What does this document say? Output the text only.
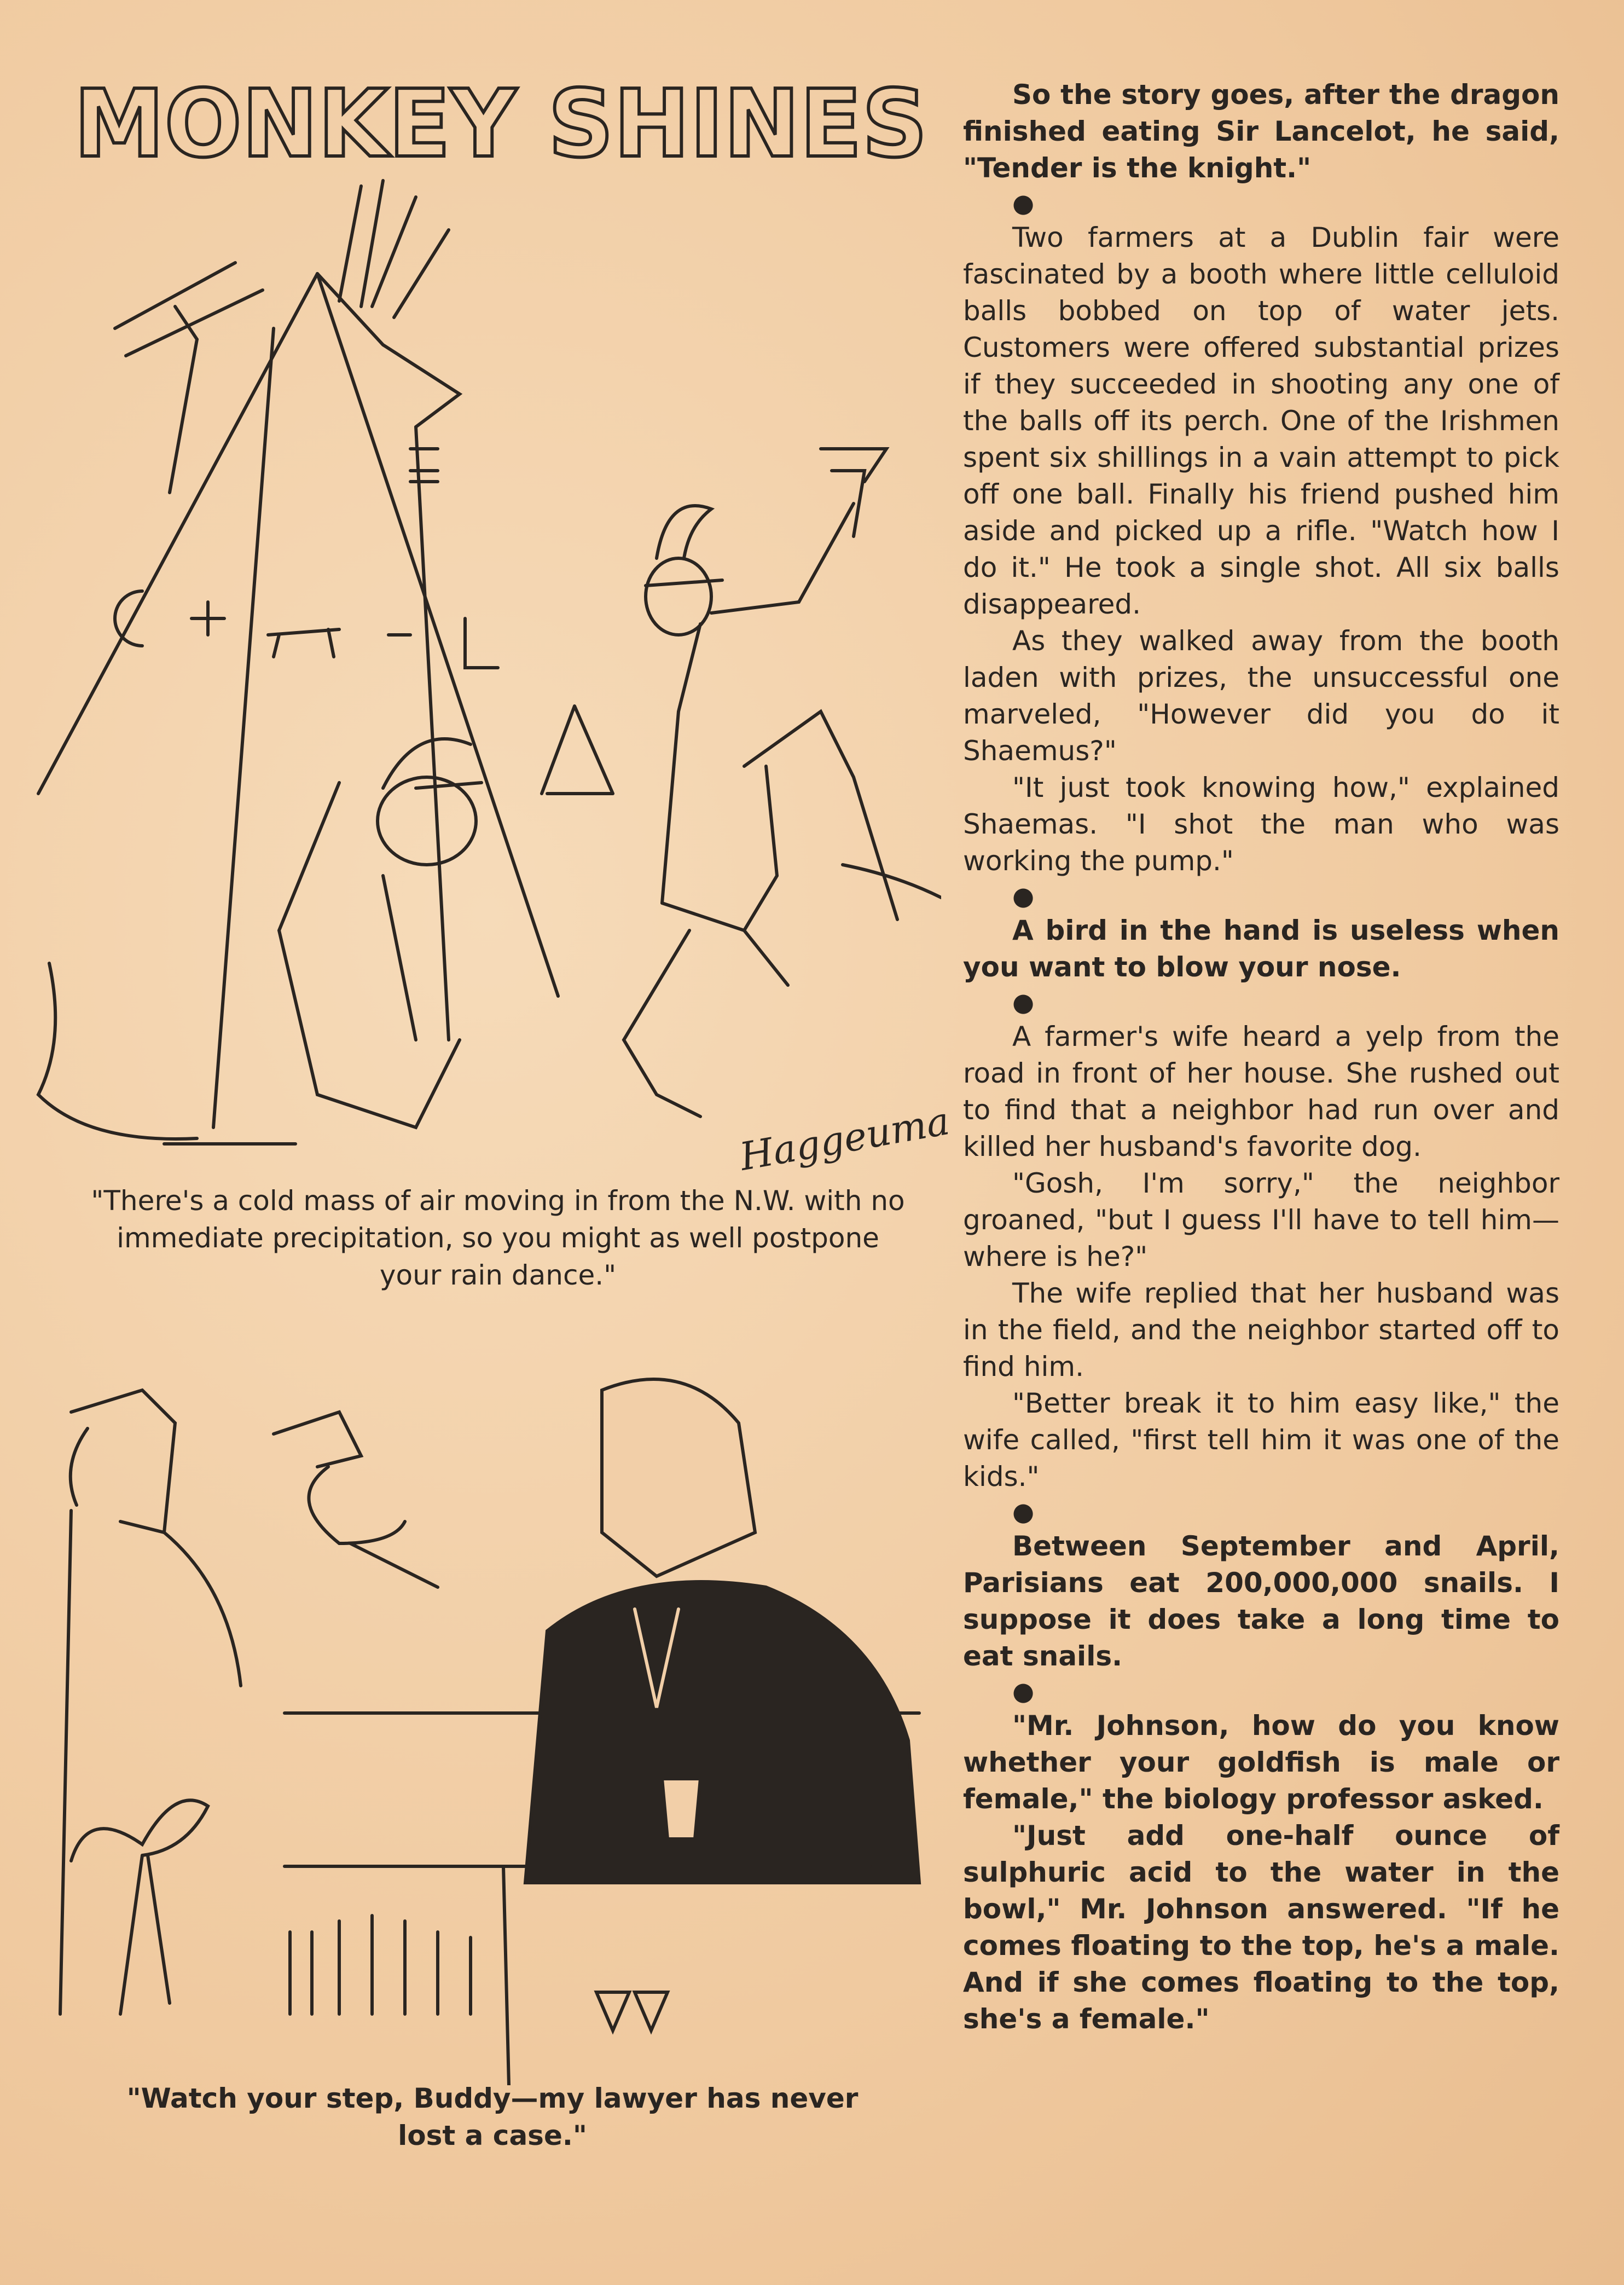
MONKEY SHINES
Haggeuma
"There's a cold mass of air moving in from the N.W. with no immediate precipitation, so you might as well postpone your rain dance."
"Watch your step, Buddy—my lawyer has never lost a case."

So the story goes, after the dragon finished eating Sir Lancelot, he said, "Tender is the knight."

●

Two farmers at a Dublin fair were fascinated by a booth where little celluloid balls bobbed on top of water jets. Customers were offered substantial prizes if they succeeded in shooting any one of the balls off its perch. One of the Irishmen spent six shillings in a vain attempt to pick off one ball. Finally his friend pushed him aside and picked up a rifle. "Watch how I do it." He took a single shot. All six balls disappeared.

As they walked away from the booth laden with prizes, the unsuccessful one marveled, "However did you do it Shaemus?"

"It just took knowing how," explained Shaemas. "I shot the man who was working the pump."

●

A bird in the hand is useless when you want to blow your nose.

●

A farmer's wife heard a yelp from the road in front of her house. She rushed out to find that a neighbor had run over and killed her husband's favorite dog.

"Gosh, I'm sorry," the neighbor groaned, "but I guess I'll have to tell him—where is he?"

The wife replied that her husband was in the field, and the neighbor started off to find him.

"Better break it to him easy like," the wife called, "first tell him it was one of the kids."

●

Between September and April, Parisians eat 200,000,000 snails. I suppose it does take a long time to eat snails.

●

"Mr. Johnson, how do you know whether your goldfish is male or female," the biology professor asked.

"Just add one-half ounce of sulphuric acid to the water in the bowl," Mr. Johnson answered. "If he comes floating to the top, he's a male. And if she comes floating to the top, she's a female."
